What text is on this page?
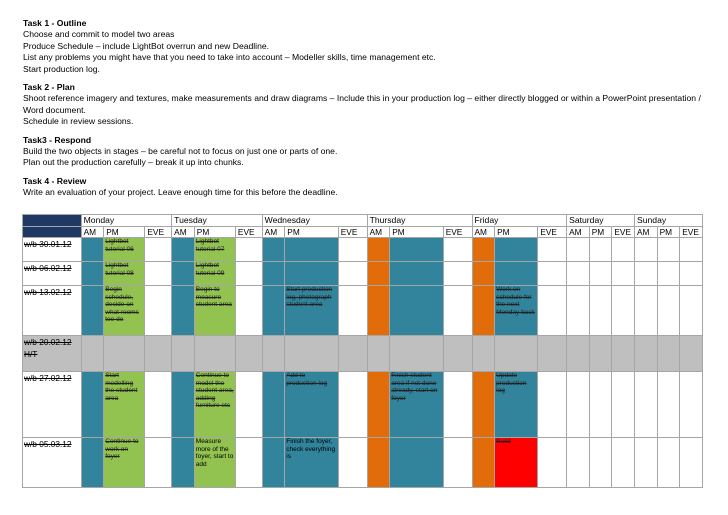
Task 1 - Outline
Choose and commit to model two areas
Produce Schedule – include LightBot overrun and new Deadline.
List any problems you might have that you need to take into account – Modeller skills, time management etc.
Start production log.
Task 2 - Plan
Shoot reference imagery and textures, make measurements and draw diagrams – Include this in your production log – either directly blogged or within a PowerPoint presentation / Word document.
Schedule in review sessions.
Task3 - Respond
Build the two objects in stages – be careful not to focus on just one or parts of one.
Plan out the production carefully – break it up into chunks.
Task 4 - Review
Write an evaluation of your project. Leave enough time for this before the deadline.
	Monday			Tuesday			Wednesday			Thursday			Friday			Saturday			Sunday		
	AM	PM	EVE	AM	PM	EVE	AM	PM	EVE	AM	PM	EVE	AM	PM	EVE	AM	PM	EVE	AM	PM	EVE
w/b 30.01.12		Lightbot tutorial 06			Lightbot tutorial 07																
w/b 06.02.12		Lightbot tutorial 08			Lightbot tutorial 09																
w/b 13.02.12		Begin schedule, decide on what rooms too do			Begin to measure student area			Start production log, photograph student area						Work on schedule for the next Monday back							
w/b 20.02.12 H/T																					
w/b 27.02.12		Start modelling the student area			Continue to model the student area, adding furniture etc			Add to production log			Finish student area if not done already, start on foyer			Update production log							
w/b 05.03.12		Continue to work on foyer			Measure more of the foyer, start to add			Finish the foyer, check everything is						Build							
